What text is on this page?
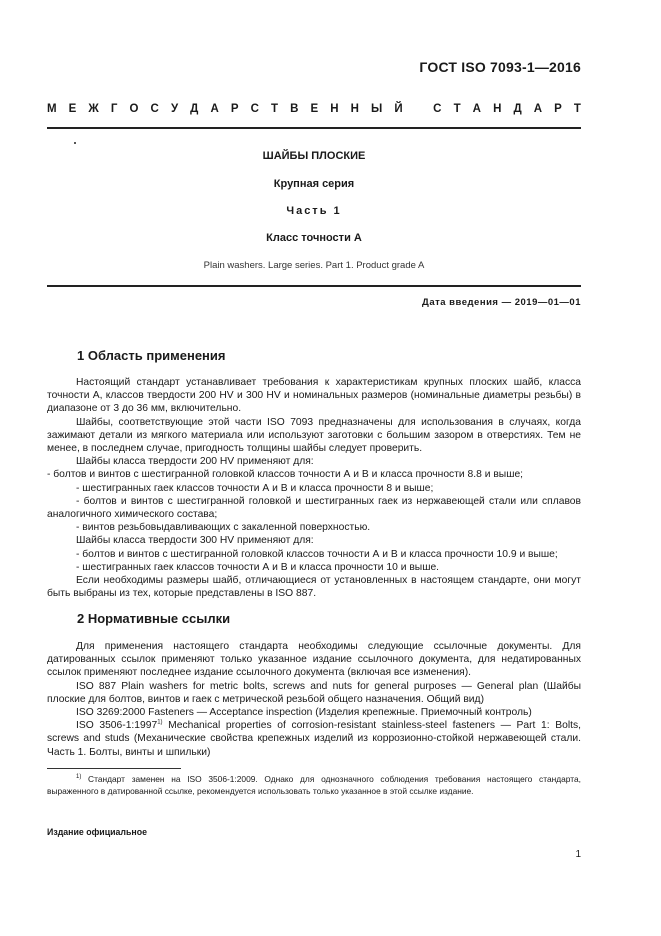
ГОСТ ISO 7093-1—2016
М Е Ж Г О С У Д А Р С Т В Е Н Н Ы Й
	С Т А Н Д А Р Т
ШАЙБЫ ПЛОСКИЕ
Крупная серия
Часть 1
Класс точности А
Plain washers. Large series. Part 1. Product grade A
Дата введения — 2019—01—01
1 Область применения

Настоящий стандарт устанавливает требования к характеристикам крупных плоских шайб, класса точности А, классов твердости 200 HV и 300 HV и номинальных размеров (номинальные диаметры резьбы) в диапазоне от 3 до 36 мм, включительно.

Шайбы, соответствующие этой части ISO 7093 предназначены для использования в случаях, когда зажимают детали из мягкого материала или используют заготовки с большим зазором в отверстиях. Тем не менее, в последнем случае, пригодность толщины шайбы следует проверить.

Шайбы класса твердости 200 HV применяют для:

- болтов и винтов с шестигранной головкой классов точности А и В и класса прочности 8.8 и выше;

- шестигранных гаек классов точности А и В и класса прочности 8 и выше;

- болтов и винтов с шестигранной головкой и шестигранных гаек из нержавеющей стали или сплавов аналогичного химического состава;

- винтов резьбовыдавливающих с закаленной поверхностью.

Шайбы класса твердости 300 HV применяют для:

- болтов и винтов с шестигранной головкой классов точности А и В и класса прочности 10.9 и выше;

- шестигранных гаек классов точности А и В и класса прочности 10 и выше.

Если необходимы размеры шайб, отличающиеся от установленных в настоящем стандарте, они могут быть выбраны из тех, которые представлены в ISO 887.

2 Нормативные ссылки

Для применения настоящего стандарта необходимы следующие ссылочные документы. Для датированных ссылок применяют только указанное издание ссылочного документа, для недатированных ссылок применяют последнее издание ссылочного документа (включая все изменения).

ISO 887 Plain washers for metric bolts, screws and nuts for general purposes — General plan (Шайбы плоские для болтов, винтов и гаек с метрической резьбой общего назначения. Общий вид)

ISO 3269:2000 Fasteners — Acceptance inspection (Изделия крепежные. Приемочный контроль)

ISO 3506-1:1997$^{1)}$ Mechanical properties of corrosion-resistant stainless-steel fasteners — Part 1: Bolts, screws and studs (Механические свойства крепежных изделий из коррозионно-стойкой нержавеющей стали. Часть 1. Болты, винты и шпильки)

$^{1)}$ Стандарт заменен на ISO 3506-1:2009. Однако для однозначного соблюдения требования настоящего стандарта, выраженного в датированной ссылке, рекомендуется использовать только указанное в этой ссылке издание.
Издание официальное
1
